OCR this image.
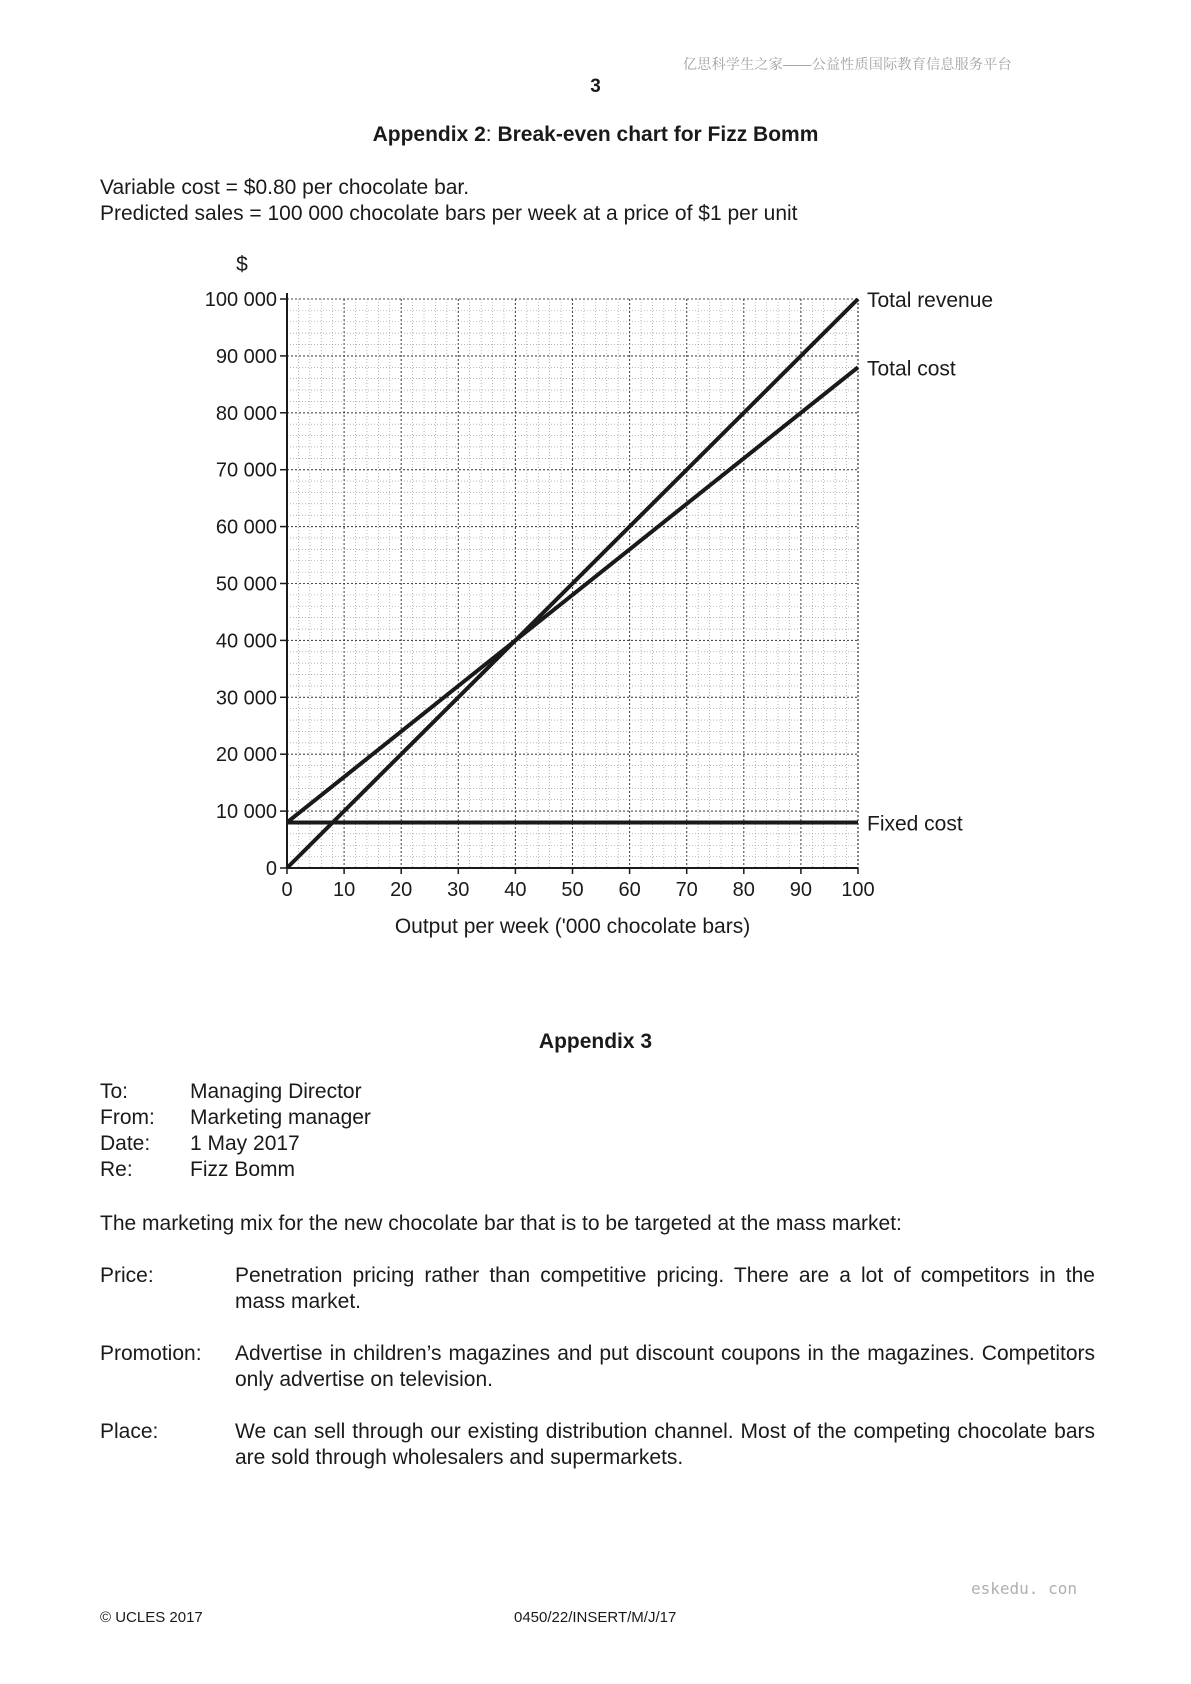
亿思科学生之家——公益性质国际教育信息服务平台
3
Appendix 2: Break-even chart for Fizz Bomm
Variable cost = $0.80 per chocolate bar.
Predicted sales = 100 000 chocolate bars per week at a price of $1 per unit
0 10 20 30 40 50 60 70 80 90 100
0
10 000
20 000
30 000
40 000
50 000
60 000
70 000
80 000
90 000
100 000
$
Output per week ('000 chocolate bars)
Total revenue
Total cost
Fixed cost
Appendix 3
To:	Managing Director
From: Marketing manager
Date: 1 May 2017
Re:	Fizz Bomm
The marketing mix for the new chocolate bar that is to be targeted at the mass market:
Price:	Penetration pricing rather than competitive pricing. There are a lot of competitors in the mass market.
Promotion: Advertise in children’s magazines and put discount coupons in the magazines. Competitors only advertise on television.
Place:	We can sell through our existing distribution channel. Most of the competing chocolate bars are sold through wholesalers and supermarkets.
© UCLES 2017	0450/22/INSERT/M/J/17
eskedu. con
